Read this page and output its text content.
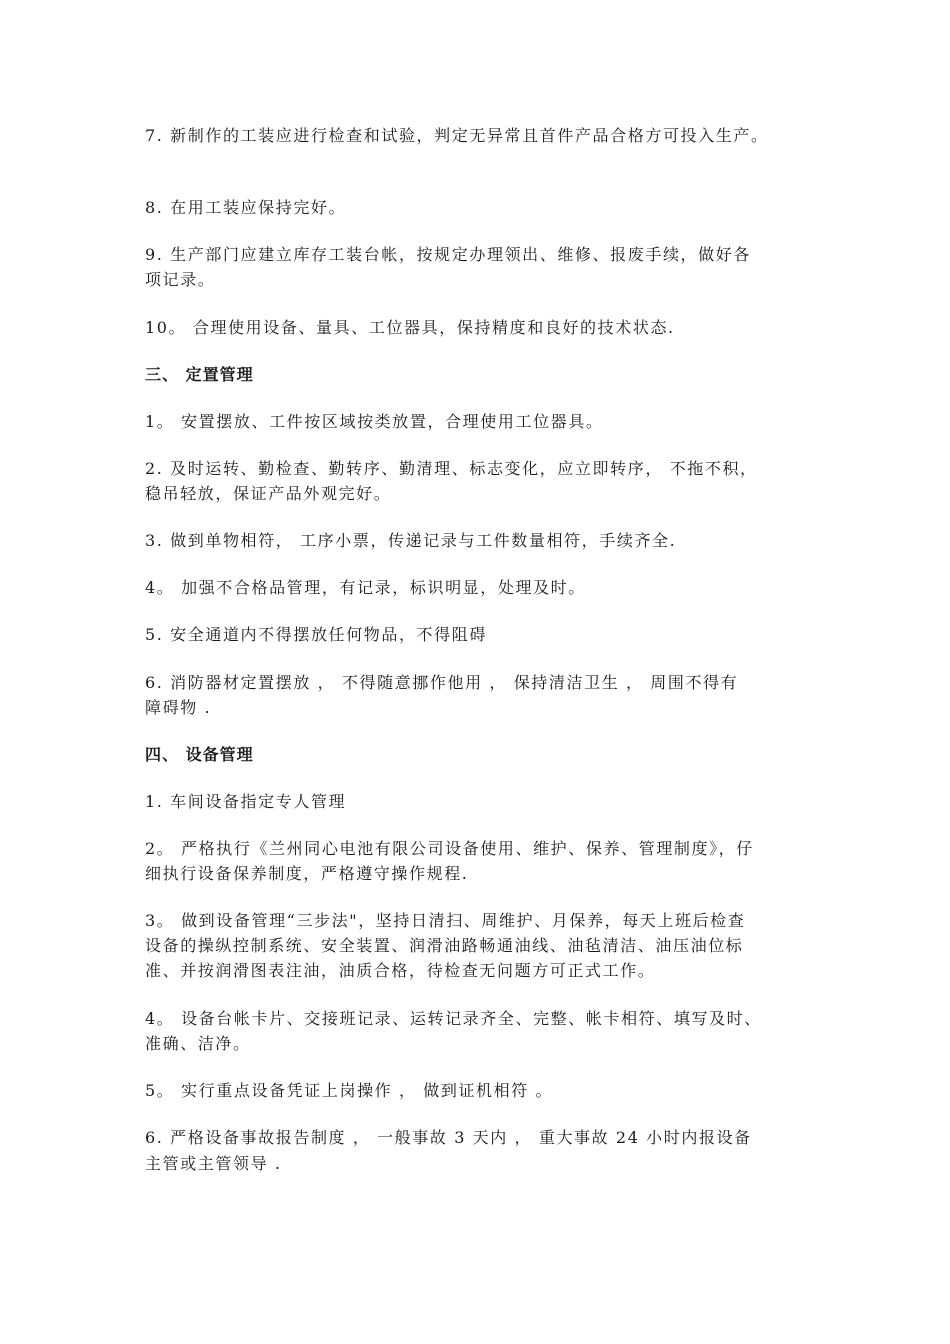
7. 新制作的工装应进行检查和试验，判定无异常且首件产品合格方可投入生产。
8. 在用工装应保持完好。
9. 生产部门应建立库存工装台帐，按规定办理领出、维修、报废手续，做好各
项记录。
10。 合理使用设备、量具、工位器具，保持精度和良好的技术状态.
三、 定置管理
1。 安置摆放、工件按区域按类放置，合理使用工位器具。
2. 及时运转、勤检查、勤转序、勤清理、标志变化，应立即转序， 不拖不积，
稳吊轻放，保证产品外观完好。
3. 做到单物相符， 工序小票，传递记录与工件数量相符，手续齐全.
4。 加强不合格品管理，有记录，标识明显，处理及时。
5. 安全通道内不得摆放任何物品，不得阻碍
6. 消防器材定置摆放 ， 不得随意挪作他用 ， 保持清洁卫生 ， 周围不得有
障碍物 .
四、 设备管理
1. 车间设备指定专人管理
2。 严格执行《兰州同心电池有限公司设备使用、维护、保养、管理制度》，仔
细执行设备保养制度，严格遵守操作规程.
3。 做到设备管理“三步法"，坚持日清扫、周维护、月保养，每天上班后检查
设备的操纵控制系统、安全装置、润滑油路畅通油线、油毡清洁、油压油位标
准、并按润滑图表注油，油质合格，待检查无问题方可正式工作。
4。 设备台帐卡片、交接班记录、运转记录齐全、完整、帐卡相符、填写及时、
准确、洁净。
5。 实行重点设备凭证上岗操作 ， 做到证机相符 。
6. 严格设备事故报告制度 ， 一般事故 3 天内 ， 重大事故 24 小时内报设备
主管或主管领导 .
